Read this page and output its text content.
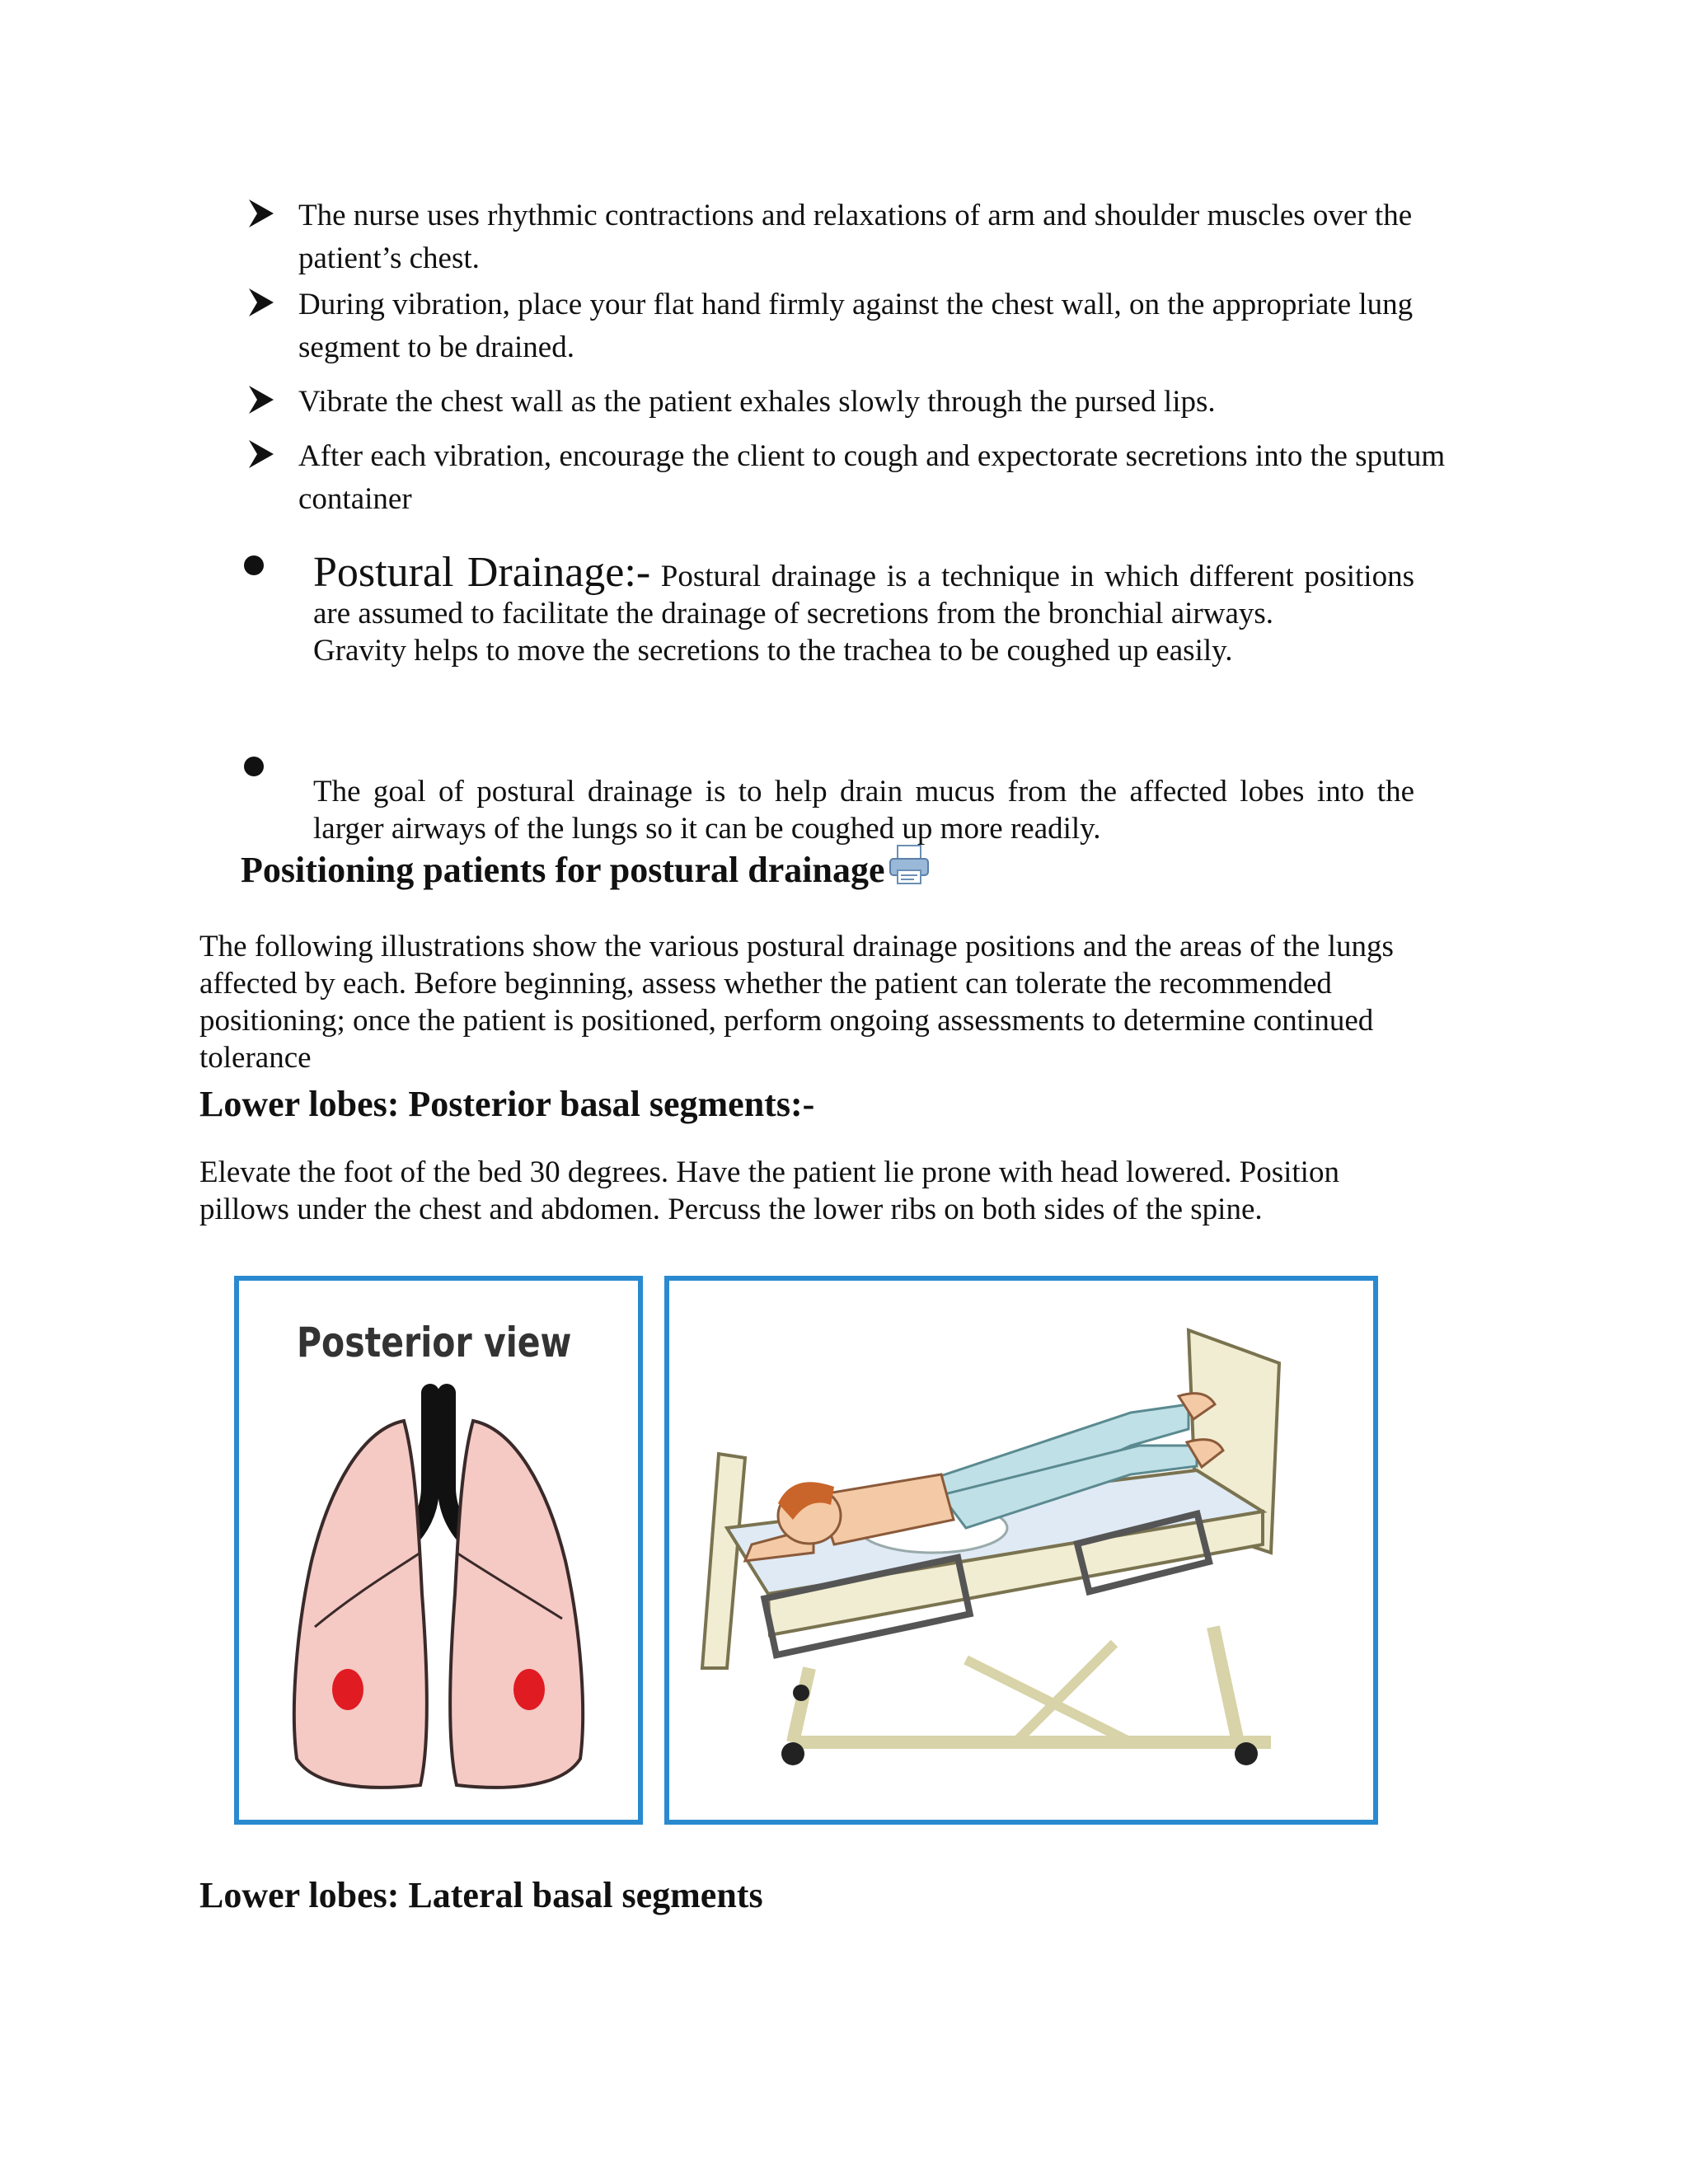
The nurse uses rhythmic contractions and relaxations of arm and shoulder muscles over the patient’s chest.
During vibration, place your flat hand firmly against the chest wall, on the appropriate lung segment to be drained.
Vibrate the chest wall as the patient exhales slowly through the pursed lips.
After each vibration, encourage the client to cough and expectorate secretions into the sputum container
Postural Drainage:- Postural drainage is a technique in which different positions are assumed to facilitate the drainage of secretions from the bronchial airways.
Gravity helps to move the secretions to the trachea to be coughed up easily.
The goal of postural drainage is to help drain mucus from the affected lobes into the larger airways of the lungs so it can be coughed up more readily.
Positioning patients for postural drainage

The following illustrations show the various postural drainage positions and the areas of the lungs affected by each. Before beginning, assess whether the patient can tolerate the recommended positioning; once the patient is positioned, perform ongoing assessments to determine continued tolerance

Lower lobes: Posterior basal segments:-

Elevate the foot of the bed 30 degrees. Have the patient lie prone with head lowered. Position pillows under the chest and abdomen. Percuss the lower ribs on both sides of the spine.

Posterior view
Lower lobes: Lateral basal segments
